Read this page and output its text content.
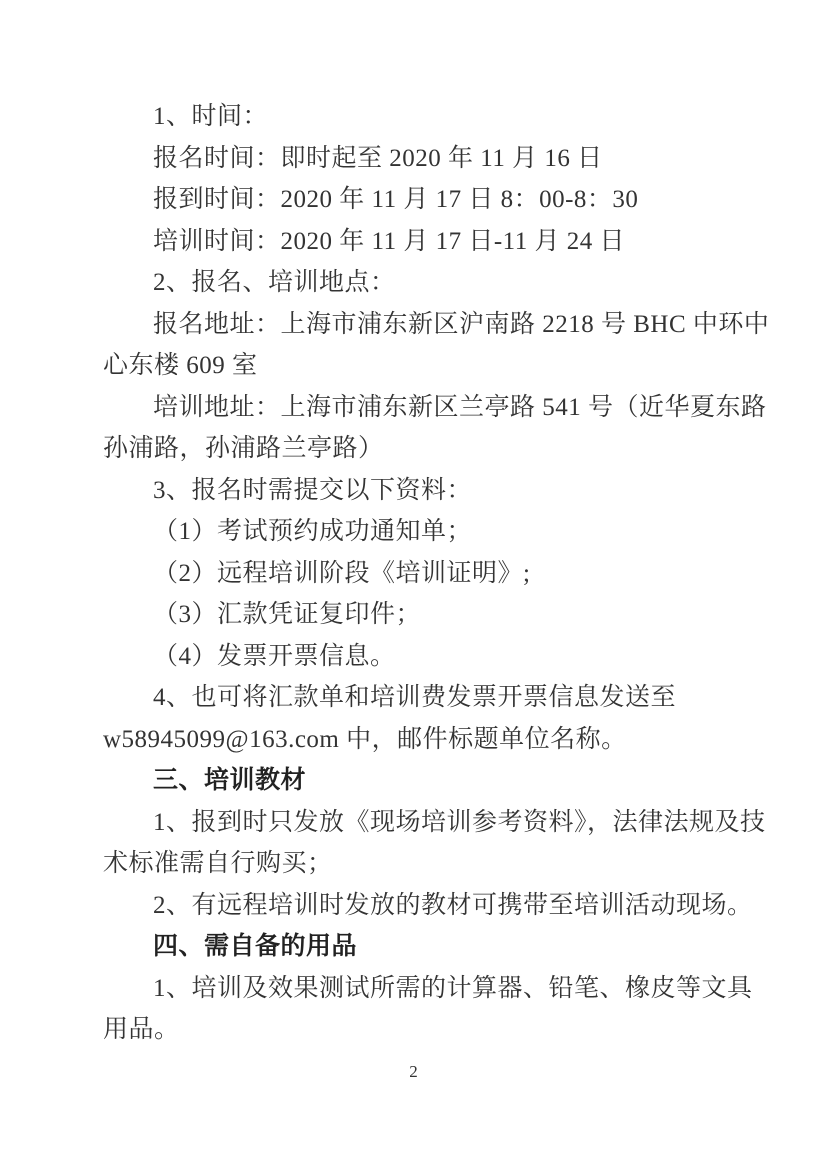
1、时间：

报名时间：即时起至 2020 年 11 月 16 日

报到时间：2020 年 11 月 17 日 8：00-8：30

培训时间：2020 年 11 月 17 日-11 月 24 日

2、报名、培训地点：

报名地址：上海市浦东新区沪南路 2218 号 BHC 中环中

心东楼 609 室

培训地址：上海市浦东新区兰亭路 541 号（近华夏东路

孙浦路，孙浦路兰亭路）

3、报名时需提交以下资料：

（1）考试预约成功通知单；

（2）远程培训阶段《培训证明》;

（3）汇款凭证复印件；

（4）发票开票信息。

4、也可将汇款单和培训费发票开票信息发送至

w58945099@163.com 中，邮件标题单位名称。

三、培训教材

1、报到时只发放《现场培训参考资料》，法律法规及技

术标准需自行购买；

2、有远程培训时发放的教材可携带至培训活动现场。

四、需自备的用品

1、培训及效果测试所需的计算器、铅笔、橡皮等文具

用品。

2
